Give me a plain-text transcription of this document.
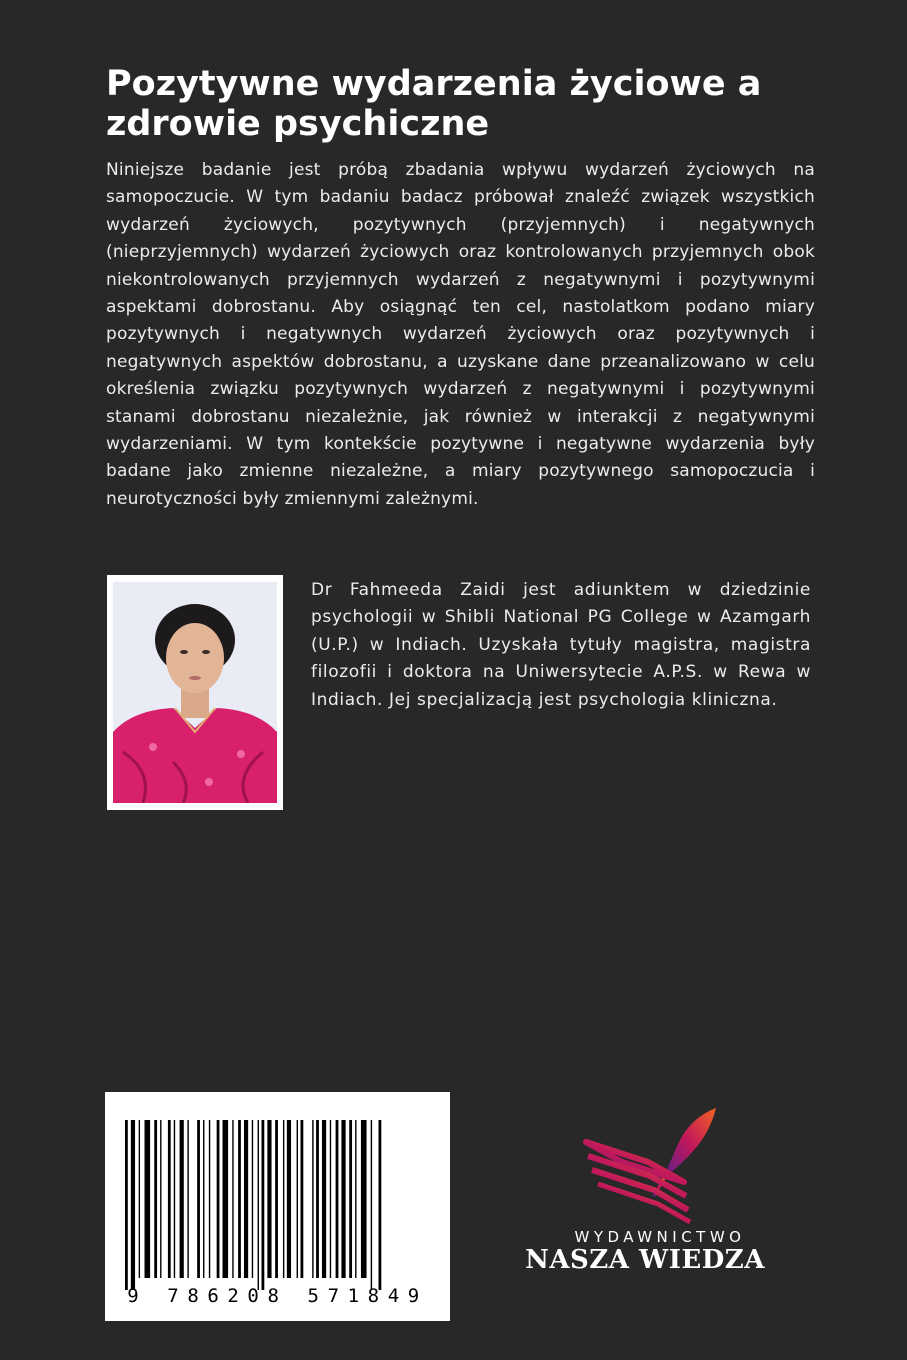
Pozytywne wydarzenia życiowe a zdrowie psychiczne

Niniejsze badanie jest próbą zbadania wpływu wydarzeń życiowych na samopoczucie. W tym badaniu badacz próbował znaleźć związek wszystkich wydarzeń życiowych, pozytywnych (przyjemnych) i negatywnych (nieprzyjemnych) wydarzeń życiowych oraz kontrolowanych przyjemnych obok niekontrolowanych przyjemnych wydarzeń z negatywnymi i pozytywnymi aspektami dobrostanu. Aby osiągnąć ten cel, nastolatkom podano miary pozytywnych i negatywnych wydarzeń życiowych oraz pozytywnych i negatywnych aspektów dobrostanu, a uzyskane dane przeanalizowano w celu określenia związku pozytywnych wydarzeń z negatywnymi i pozytywnymi stanami dobrostanu niezależnie, jak również w interakcji z negatywnymi wydarzeniami. W tym kontekście pozytywne i negatywne wydarzenia były badane jako zmienne niezależne, a miary pozytywnego samopoczucia i neurotyczności były zmiennymi zależnymi.

Dr Fahmeeda Zaidi jest adiunktem w dziedzinie psychologii w Shibli National PG College w Azamgarh (U.P.) w Indiach. Uzyskała tytuły magistra, magistra filozofii i doktora na Uniwersytecie A.P.S. w Rewa w Indiach. Jej specjalizacją jest psychologia kliniczna.

9 786208 571849
WYDAWNICTWO
NASZA WIEDZA
